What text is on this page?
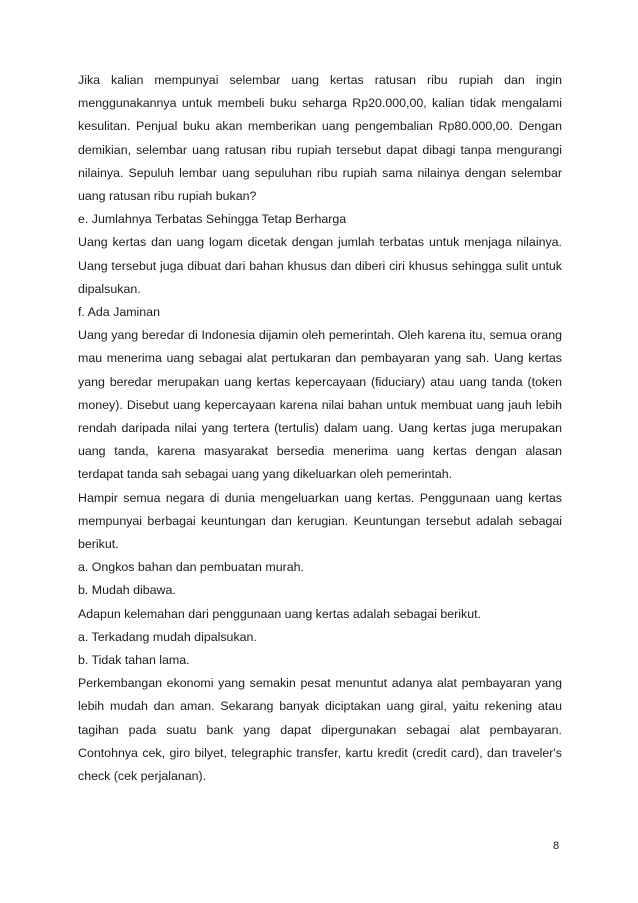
Jika kalian mempunyai selembar uang kertas ratusan ribu rupiah dan ingin menggunakannya untuk membeli buku seharga Rp20.000,00, kalian tidak mengalami kesulitan. Penjual buku akan memberikan uang pengembalian Rp80.000,00. Dengan demikian, selembar uang ratusan ribu rupiah tersebut dapat dibagi tanpa mengurangi nilainya. Sepuluh lembar uang sepuluhan ribu rupiah sama nilainya dengan selembar uang ratusan ribu rupiah bukan?

e. Jumlahnya Terbatas Sehingga Tetap Berharga

Uang kertas dan uang logam dicetak dengan jumlah terbatas untuk menjaga nilainya. Uang tersebut juga dibuat dari bahan khusus dan diberi ciri khusus sehingga sulit untuk dipalsukan.

f. Ada Jaminan

Uang yang beredar di Indonesia dijamin oleh pemerintah. Oleh karena itu, semua orang mau menerima uang sebagai alat pertukaran dan pembayaran yang sah. Uang kertas yang beredar merupakan uang kertas kepercayaan (fiduciary) atau uang tanda (token money). Disebut uang kepercayaan karena nilai bahan untuk membuat uang jauh lebih rendah daripada nilai yang tertera (tertulis) dalam uang. Uang kertas juga merupakan uang tanda, karena masyarakat bersedia menerima uang kertas dengan alasan terdapat tanda sah sebagai uang yang dikeluarkan oleh pemerintah.

Hampir semua negara di dunia mengeluarkan uang kertas. Penggunaan uang kertas mempunyai berbagai keuntungan dan kerugian. Keuntungan tersebut adalah sebagai berikut.

a. Ongkos bahan dan pembuatan murah.

b. Mudah dibawa.

Adapun kelemahan dari penggunaan uang kertas adalah sebagai berikut.

a. Terkadang mudah dipalsukan.

b. Tidak tahan lama.

Perkembangan ekonomi yang semakin pesat menuntut adanya alat pembayaran yang lebih mudah dan aman. Sekarang banyak diciptakan uang giral, yaitu rekening atau tagihan pada suatu bank yang dapat dipergunakan sebagai alat pembayaran. Contohnya cek, giro bilyet, telegraphic transfer, kartu kredit (credit card), dan traveler's check (cek perjalanan).

8
